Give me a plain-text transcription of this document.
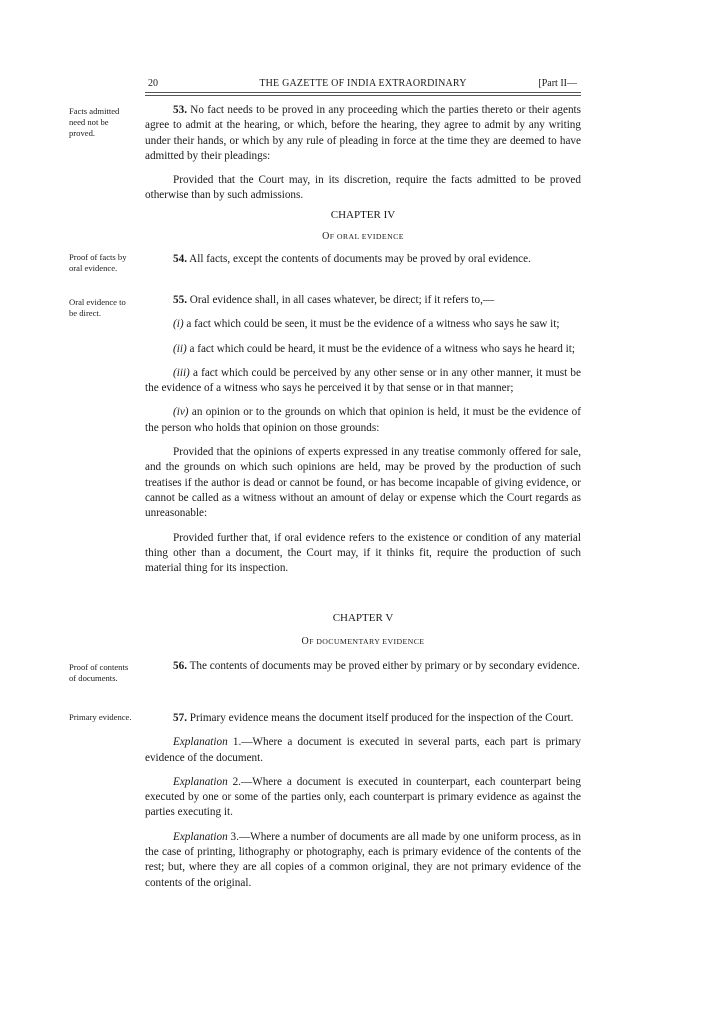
20	THE GAZETTE OF INDIA EXTRAORDINARY	[Part II—
Facts admitted need not be proved.
Proof of facts by oral evidence.
Oral evidence to be direct.
Proof of contents of documents.
Primary evidence.

53. No fact needs to be proved in any proceeding which the parties thereto or their agents agree to admit at the hearing, or which, before the hearing, they agree to admit by any writing under their hands, or which by any rule of pleading in force at the time they are deemed to have admitted by their pleadings:

Provided that the Court may, in its discretion, require the facts admitted to be proved otherwise than by such admissions.

CHAPTER IV
OF ORAL EVIDENCE

54. All facts, except the contents of documents may be proved by oral evidence.

55. Oral evidence shall, in all cases whatever, be direct; if it refers to,—

(i) a fact which could be seen, it must be the evidence of a witness who says he saw it;

(ii) a fact which could be heard, it must be the evidence of a witness who says he heard it;

(iii) a fact which could be perceived by any other sense or in any other manner, it must be the evidence of a witness who says he perceived it by that sense or in that manner;

(iv) an opinion or to the grounds on which that opinion is held, it must be the evidence of the person who holds that opinion on those grounds:

Provided that the opinions of experts expressed in any treatise commonly offered for sale, and the grounds on which such opinions are held, may be proved by the production of such treatises if the author is dead or cannot be found, or has become incapable of giving evidence, or cannot be called as a witness without an amount of delay or expense which the Court regards as unreasonable:

Provided further that, if oral evidence refers to the existence or condition of any material thing other than a document, the Court may, if it thinks fit, require the production of such material thing for its inspection.

CHAPTER V
OF DOCUMENTARY EVIDENCE

56. The contents of documents may be proved either by primary or by secondary evidence.

57. Primary evidence means the document itself produced for the inspection of the Court.

Explanation 1.—Where a document is executed in several parts, each part is primary evidence of the document.

Explanation 2.—Where a document is executed in counterpart, each counterpart being executed by one or some of the parties only, each counterpart is primary evidence as against the parties executing it.

Explanation 3.—Where a number of documents are all made by one uniform process, as in the case of printing, lithography or photography, each is primary evidence of the contents of the rest; but, where they are all copies of a common original, they are not primary evidence of the contents of the original.
